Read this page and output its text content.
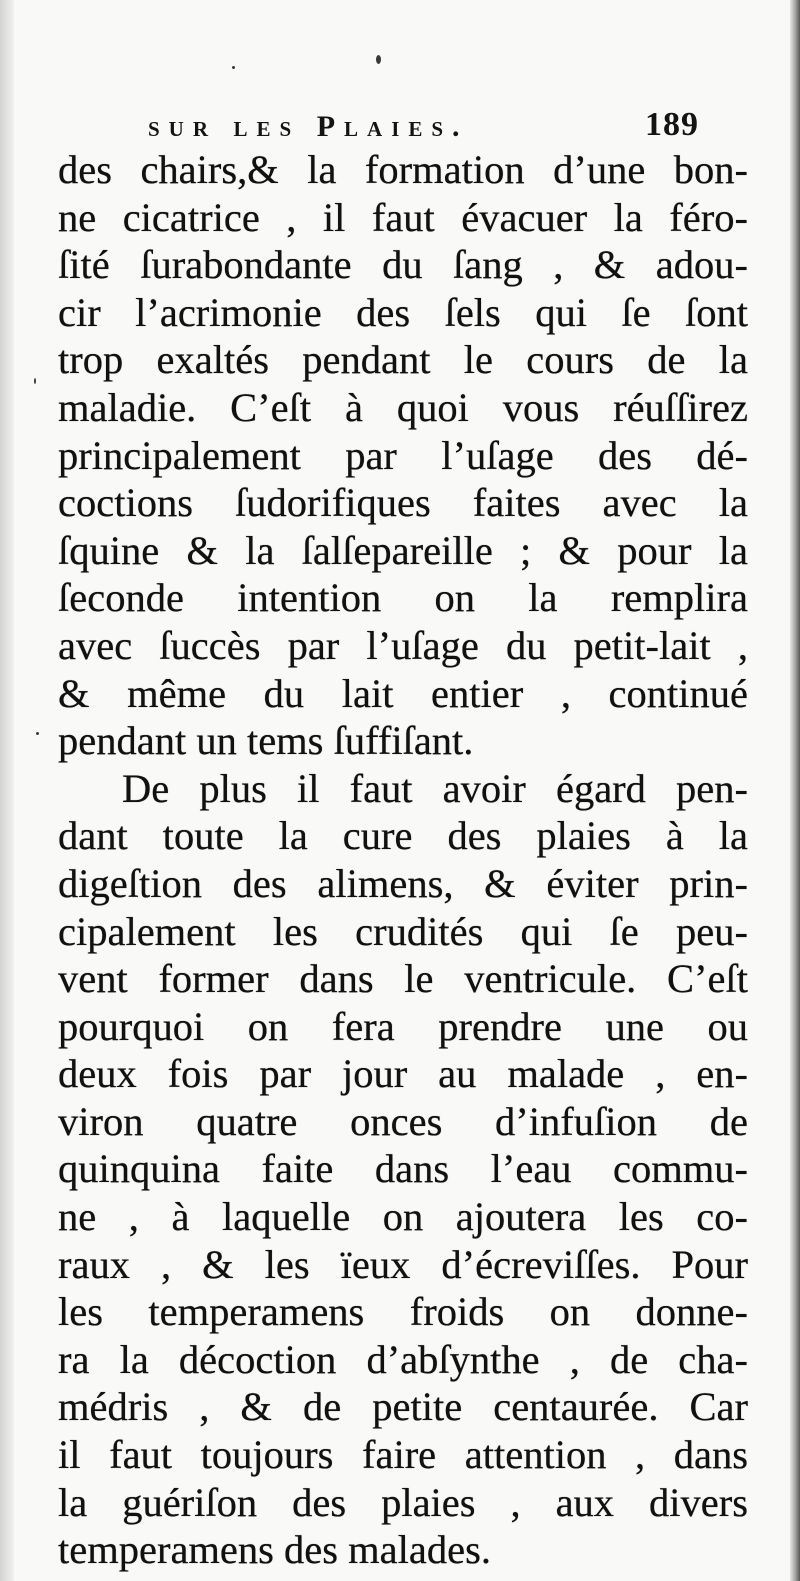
sur les Plaies.	189
des chairs,& la formation d’une bon-
ne cicatrice , il faut évacuer la féro-
ſité ſurabondante du ſang , & adou-
cir l’acrimonie des ſels qui ſe ſont
trop exaltés pendant le cours de la
maladie. C’eſt à quoi vous réuſſirez
principalement par l’uſage des dé-
coctions ſudorifiques faites avec la
ſquine & la ſalſepareille ; & pour la
ſeconde intention on la remplira
avec ſuccès par l’uſage du petit-lait ,
& même du lait entier , continué
pendant un tems ſuffiſant.
De plus il faut avoir égard pen-
dant toute la cure des plaies à la
digeſtion des alimens, & éviter prin-
cipalement les crudités qui ſe peu-
vent former dans le ventricule. C’eſt
pourquoi on fera prendre une ou
deux fois par jour au malade , en-
viron quatre onces d’infuſion de
quinquina faite dans l’eau commu-
ne , à laquelle on ajoutera les co-
raux , & les ïeux d’écreviſſes. Pour
les temperamens froids on donne-
ra la décoction d’abſynthe , de cha-
médris , & de petite centaurée. Car
il faut toujours faire attention , dans
la guériſon des plaies , aux divers
temperamens des malades.
